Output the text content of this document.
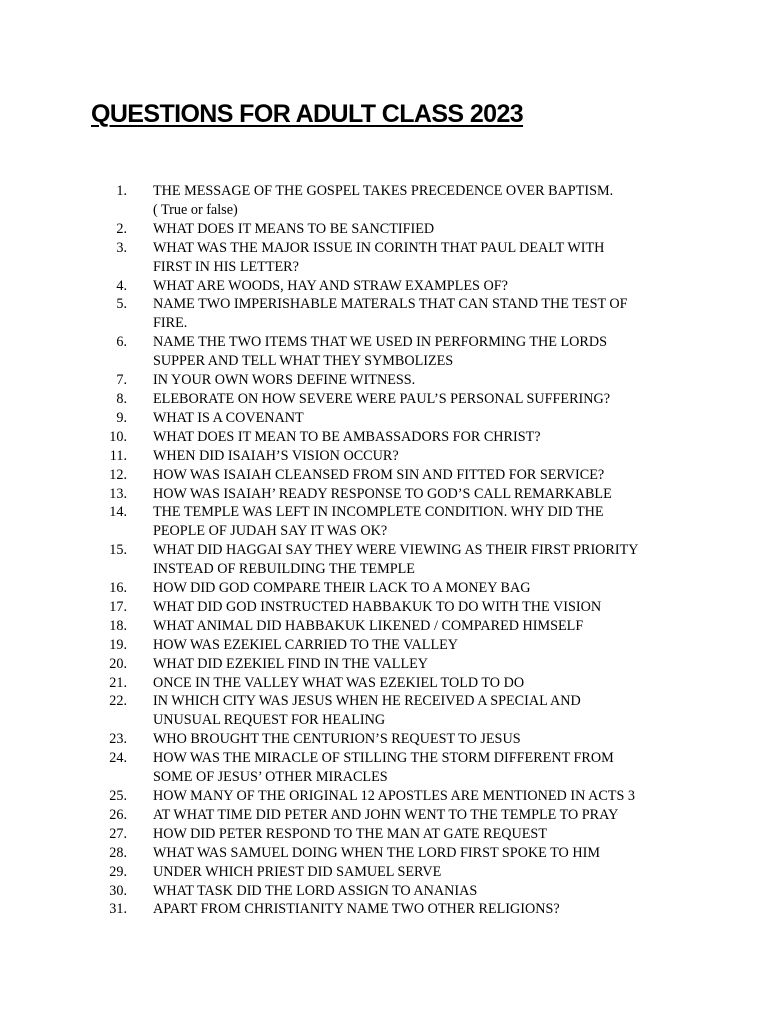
QUESTIONS FOR ADULT CLASS 2023
1. THE MESSAGE OF THE GOSPEL TAKES PRECEDENCE OVER BAPTISM.
( True or false)
2. WHAT DOES IT MEANS TO BE SANCTIFIED
3. WHAT WAS THE MAJOR ISSUE IN CORINTH THAT PAUL DEALT WITH
FIRST IN HIS LETTER?
4. WHAT ARE WOODS, HAY AND STRAW EXAMPLES OF?
5. NAME TWO IMPERISHABLE MATERALS THAT CAN STAND THE TEST OF
FIRE.
6. NAME THE TWO ITEMS THAT WE USED IN PERFORMING THE LORDS
SUPPER AND TELL WHAT THEY SYMBOLIZES
7. IN YOUR OWN WORS DEFINE WITNESS.
8. ELEBORATE ON HOW SEVERE WERE PAUL’S PERSONAL SUFFERING?
9. WHAT IS A COVENANT
10. WHAT DOES IT MEAN TO BE AMBASSADORS FOR CHRIST?
11. WHEN DID ISAIAH’S VISION OCCUR?
12. HOW WAS ISAIAH CLEANSED FROM SIN AND FITTED FOR SERVICE?
13. HOW WAS ISAIAH’ READY RESPONSE TO GOD’S CALL REMARKABLE
14. THE TEMPLE WAS LEFT IN INCOMPLETE CONDITION. WHY DID THE
PEOPLE OF JUDAH SAY IT WAS OK?
15. WHAT DID HAGGAI SAY THEY WERE VIEWING AS THEIR FIRST PRIORITY
INSTEAD OF REBUILDING THE TEMPLE
16. HOW DID GOD COMPARE THEIR LACK TO A MONEY BAG
17. WHAT DID GOD INSTRUCTED HABBAKUK TO DO WITH THE VISION
18. WHAT ANIMAL DID HABBAKUK LIKENED / COMPARED HIMSELF
19. HOW WAS EZEKIEL CARRIED TO THE VALLEY
20. WHAT DID EZEKIEL FIND IN THE VALLEY
21. ONCE IN THE VALLEY WHAT WAS EZEKIEL TOLD TO DO
22. IN WHICH CITY WAS JESUS WHEN HE RECEIVED A SPECIAL AND
UNUSUAL REQUEST FOR HEALING
23. WHO BROUGHT THE CENTURION’S REQUEST TO JESUS
24. HOW WAS THE MIRACLE OF STILLING THE STORM DIFFERENT FROM
SOME OF JESUS’ OTHER MIRACLES
25. HOW MANY OF THE ORIGINAL 12 APOSTLES ARE MENTIONED IN ACTS 3
26. AT WHAT TIME DID PETER AND JOHN WENT TO THE TEMPLE TO PRAY
27. HOW DID PETER RESPOND TO THE MAN AT GATE REQUEST
28. WHAT WAS SAMUEL DOING WHEN THE LORD FIRST SPOKE TO HIM
29. UNDER WHICH PRIEST DID SAMUEL SERVE
30. WHAT TASK DID THE LORD ASSIGN TO ANANIAS
31. APART FROM CHRISTIANITY NAME TWO OTHER RELIGIONS?
